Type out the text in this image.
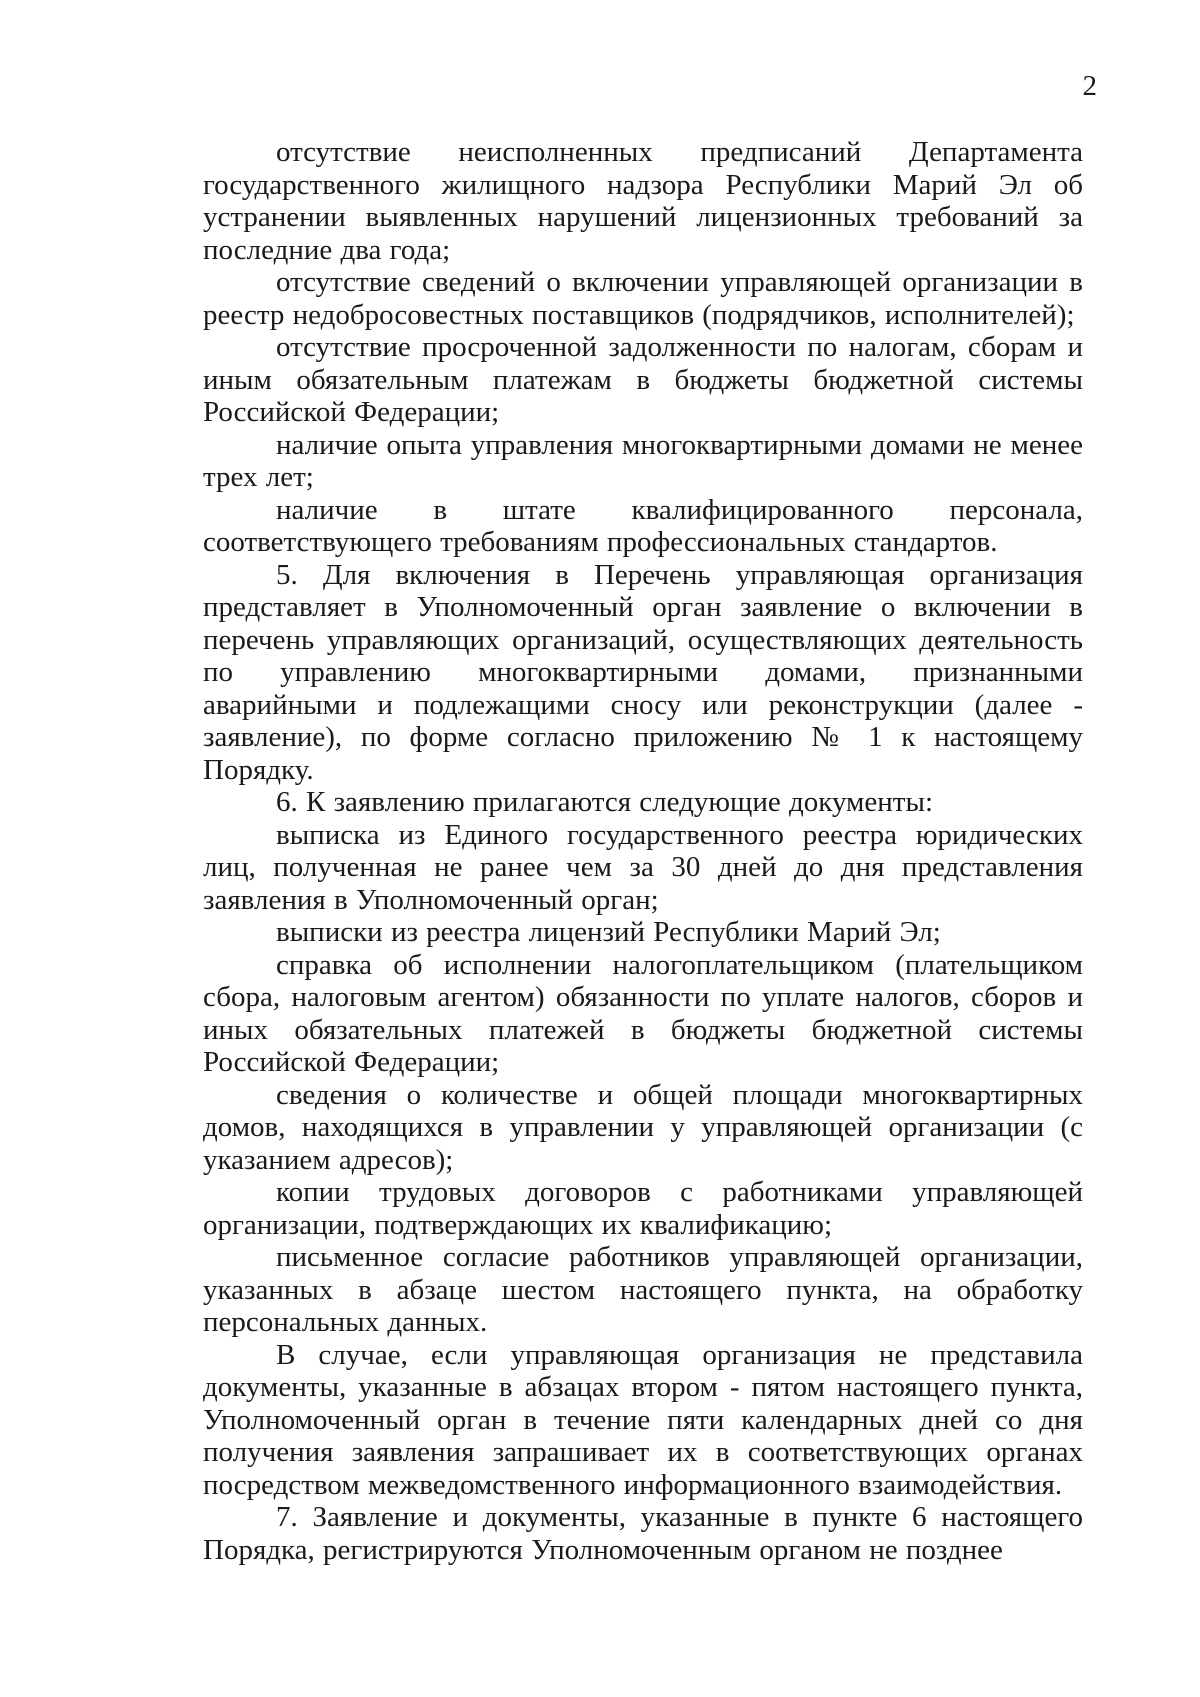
2

отсутствие неисполненных предписаний Департамента государственного жилищного надзора Республики Марий Эл об устранении выявленных нарушений лицензионных требований за последние два года;

отсутствие сведений о включении управляющей организации в реестр недобросовестных поставщиков (подрядчиков, исполнителей);

отсутствие просроченной задолженности по налогам, сборам и иным обязательным платежам в бюджеты бюджетной системы Российской Федерации;

наличие опыта управления многоквартирными домами не менее трех лет;

наличие в штате квалифицированного персонала, соответствующего требованиям профессиональных стандартов.

5. Для включения в Перечень управляющая организация представляет в Уполномоченный орган заявление о включении в перечень управляющих организаций, осуществляющих деятельность по управлению многоквартирными домами, признанными аварийными и подлежащими сносу или реконструкции (далее - заявление), по форме согласно приложению № 1 к настоящему Порядку.

6. К заявлению прилагаются следующие документы:

выписка из Единого государственного реестра юридических лиц, полученная не ранее чем за 30 дней до дня представления заявления в Уполномоченный орган;

выписки из реестра лицензий Республики Марий Эл;

справка об исполнении налогоплательщиком (плательщиком сбора, налоговым агентом) обязанности по уплате налогов, сборов и иных обязательных платежей в бюджеты бюджетной системы Российской Федерации;

сведения о количестве и общей площади многоквартирных домов, находящихся в управлении у управляющей организации (с указанием адресов);

копии трудовых договоров с работниками управляющей организации, подтверждающих их квалификацию;

письменное согласие работников управляющей организации, указанных в абзаце шестом настоящего пункта, на обработку персональных данных.

В случае, если управляющая организация не представила документы, указанные в абзацах втором - пятом настоящего пункта, Уполномоченный орган в течение пяти календарных дней со дня получения заявления запрашивает их в соответствующих органах посредством межведомственного информационного взаимодействия.

7. Заявление и документы, указанные в пункте 6 настоящего Порядка, регистрируются Уполномоченным органом не позднее
